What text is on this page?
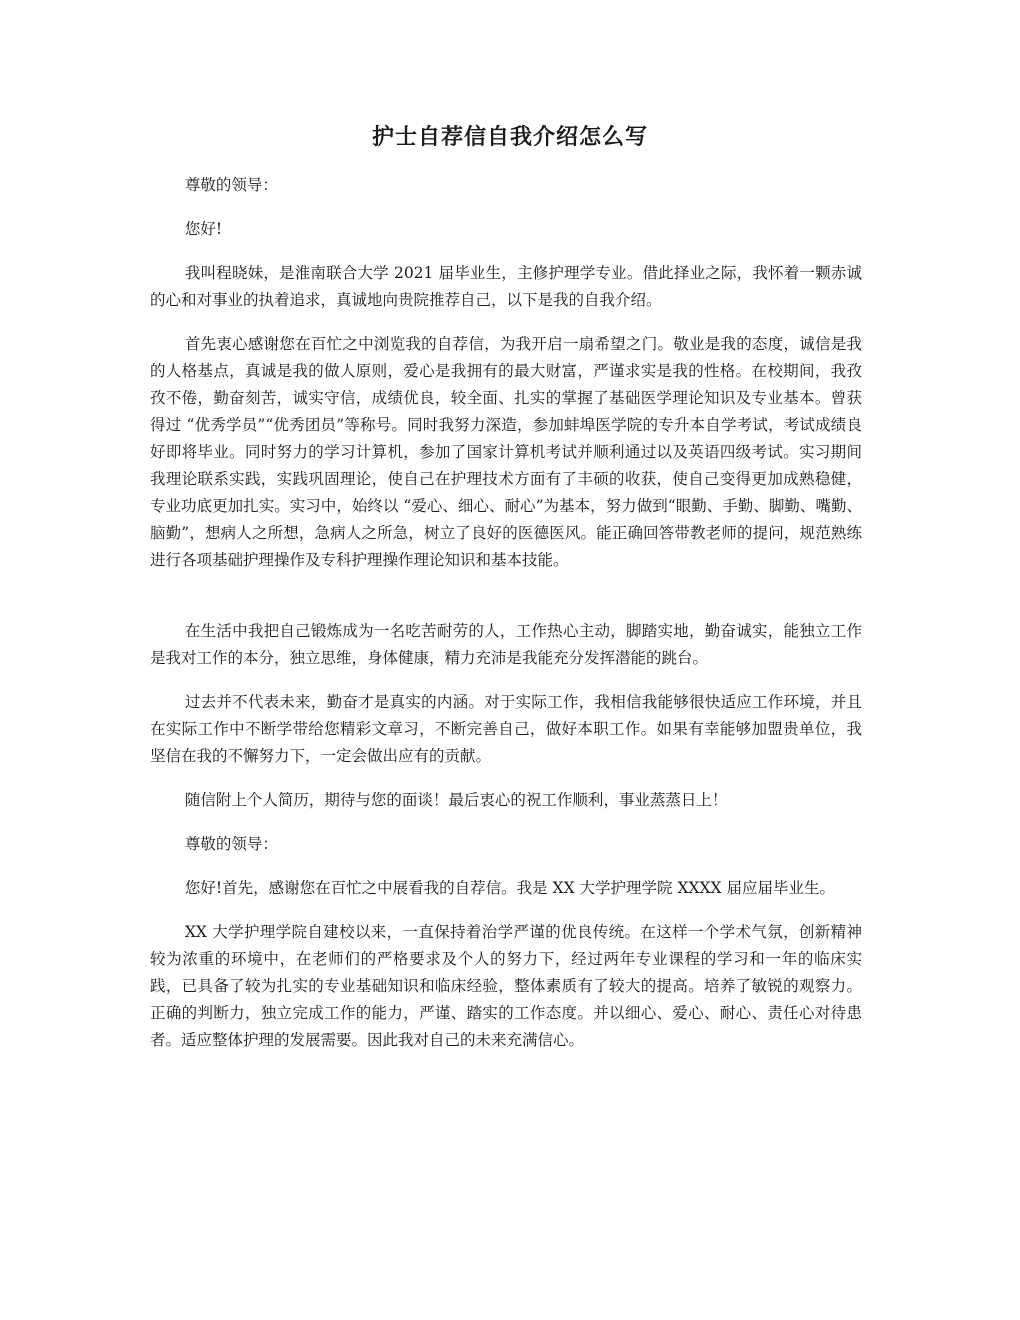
护士自荐信自我介绍怎么写

尊敬的领导：

您好!

我叫程晓妹，是淮南联合大学 2021 届毕业生，主修护理学专业。借此择业之际，我怀着一颗赤诚的心和对事业的执着追求，真诚地向贵院推荐自己，以下是我的自我介绍。

首先衷心感谢您在百忙之中浏览我的自荐信，为我开启一扇希望之门。敬业是我的态度，诚信是我的人格基点，真诚是我的做人原则，爱心是我拥有的最大财富，严谨求实是我的性格。在校期间，我孜孜不倦，勤奋刻苦，诚实守信，成绩优良，较全面、扎实的掌握了基础医学理论知识及专业基本。曾获得过 “优秀学员”“优秀团员”等称号。同时我努力深造，参加蚌埠医学院的专升本自学考试，考试成绩良好即将毕业。同时努力的学习计算机，参加了国家计算机考试并顺利通过以及英语四级考试。实习期间我理论联系实践，实践巩固理论，使自己在护理技术方面有了丰硕的收获，使自己变得更加成熟稳健，专业功底更加扎实。实习中，始终以 “爱心、细心、耐心”为基本，努力做到“眼勤、手勤、脚勤、嘴勤、脑勤”，想病人之所想，急病人之所急，树立了良好的医德医风。能正确回答带教老师的提问，规范熟练进行各项基础护理操作及专科护理操作理论知识和基本技能。

在生活中我把自己锻炼成为一名吃苦耐劳的人，工作热心主动，脚踏实地，勤奋诚实，能独立工作是我对工作的本分，独立思维，身体健康，精力充沛是我能充分发挥潜能的跳台。

过去并不代表未来，勤奋才是真实的内涵。对于实际工作，我相信我能够很快适应工作环境，并且在实际工作中不断学带给您精彩文章习，不断完善自己，做好本职工作。如果有幸能够加盟贵单位，我坚信在我的不懈努力下，一定会做出应有的贡献。

随信附上个人简历，期待与您的面谈！最后衷心的祝工作顺利，事业蒸蒸日上！

尊敬的领导：

您好!首先，感谢您在百忙之中展看我的自荐信。我是 XX 大学护理学院 XXXX 届应届毕业生。

XX 大学护理学院自建校以来，一直保持着治学严谨的优良传统。在这样一个学术气氛，创新精神较为浓重的环境中，在老师们的严格要求及个人的努力下，经过两年专业课程的学习和一年的临床实践，已具备了较为扎实的专业基础知识和临床经验，整体素质有了较大的提高。培养了敏锐的观察力。正确的判断力，独立完成工作的能力，严谨、踏实的工作态度。并以细心、爱心、耐心、责任心对待患者。适应整体护理的发展需要。因此我对自己的未来充满信心。
